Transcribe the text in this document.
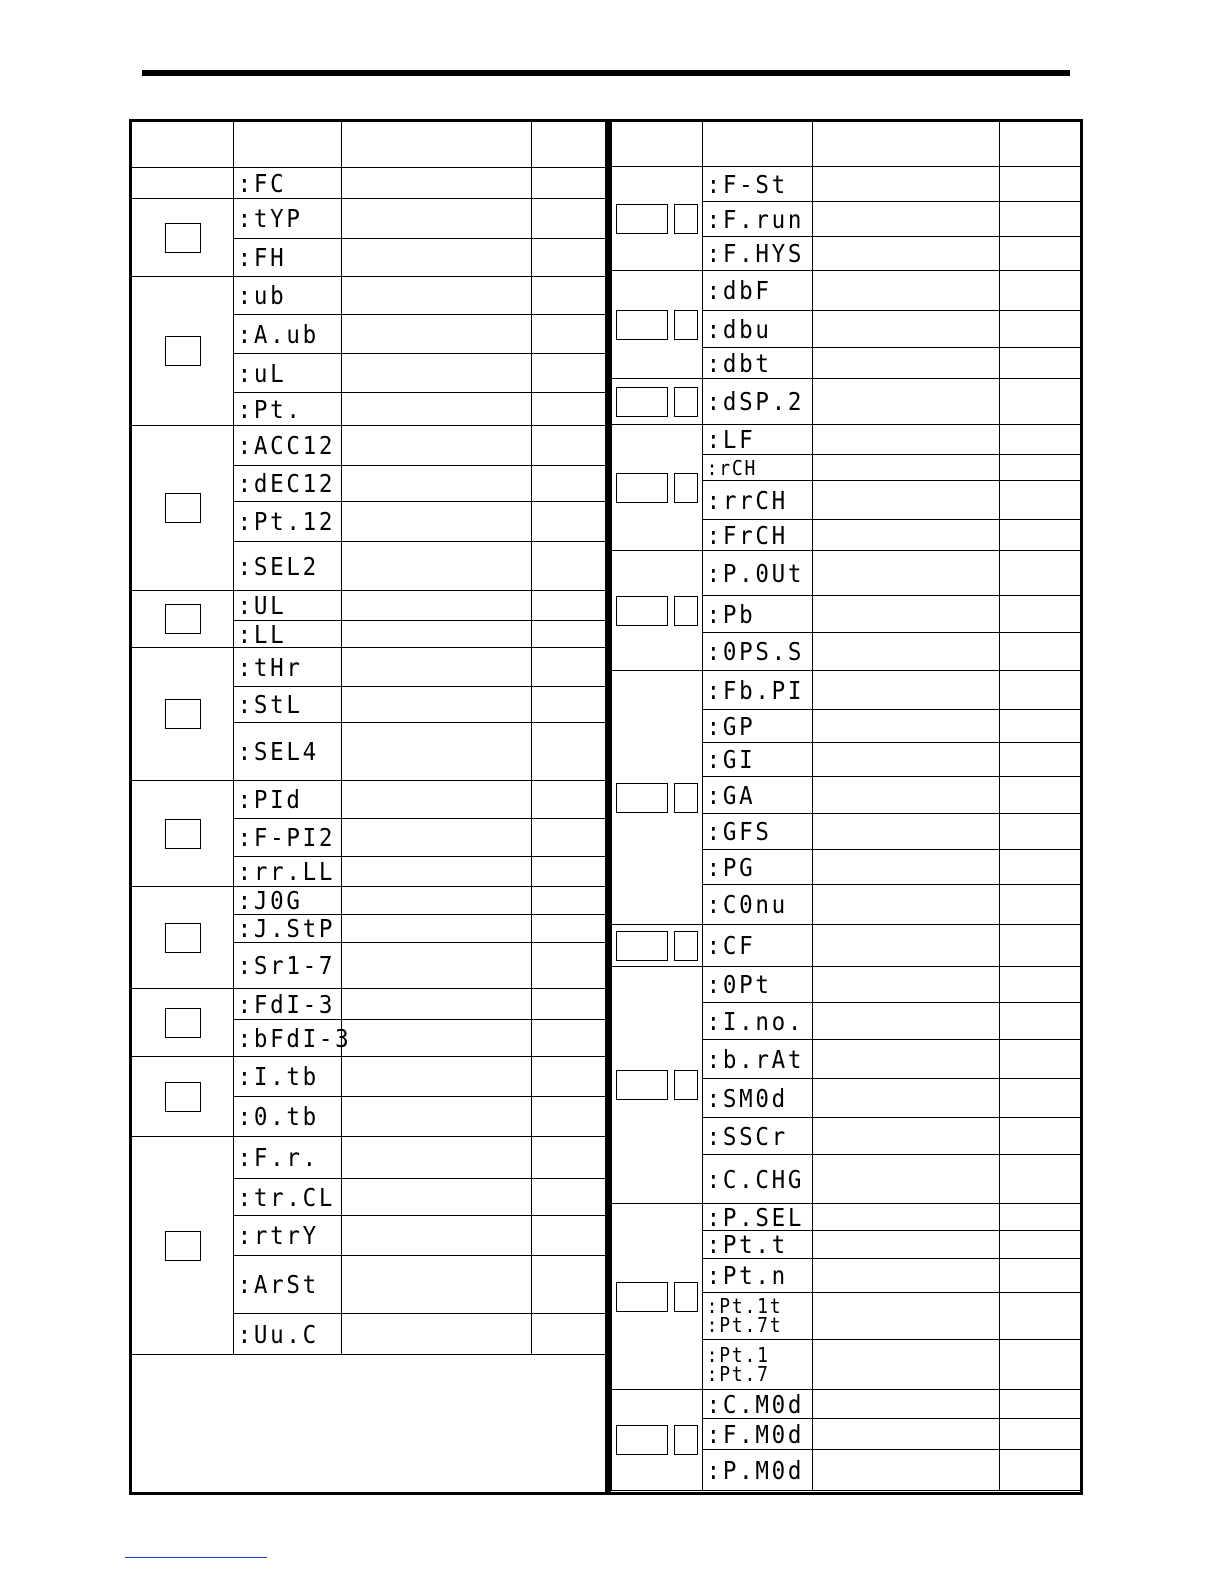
	:FC		

	:tYP		

	:FH		

	:ub		

	:A.ub		

	:uL		

	:Pt.		

	:ACC12		

	:dEC12		

	:Pt.12		

	:SEL2		

	:UL		

	:LL		

	:tHr		

	:StL		

	:SEL4		

	:PId		

	:F-PI2		

	:rr.LL		

	:J0G		

	:J.StP		

	:Sr1-7		

	:FdI-3		

	:bFdI-3		

	:I.tb		

	:0.tb		

	:F.r.		

	:tr.CL		

	:rtrY		

	:ArSt		

	:Uu.C		

	:F-St		

	:F.run		

	:F.HYS		

	:dbF		

	:dbu		

	:dbt		

	:dSP.2		

	:LF		

	:rCH		

	:rrCH		

	:FrCH		

	:P.0Ut		

	:Pb		

	:0PS.S		

	:Fb.PI		

	:GP		

	:GI		

	:GA		

	:GFS		

	:PG		

	:C0nu		

	:CF		

	:0Pt		

	:I.no.		

	:b.rAt		

	:SM0d		

	:SSCr		

	:C.CHG		

	:P.SEL		

	:Pt.t		

	:Pt.n		

	:Pt.1t
:Pt.7t		

	:Pt.1
:Pt.7		

	:C.M0d		

	:F.M0d		

	:P.M0d		
